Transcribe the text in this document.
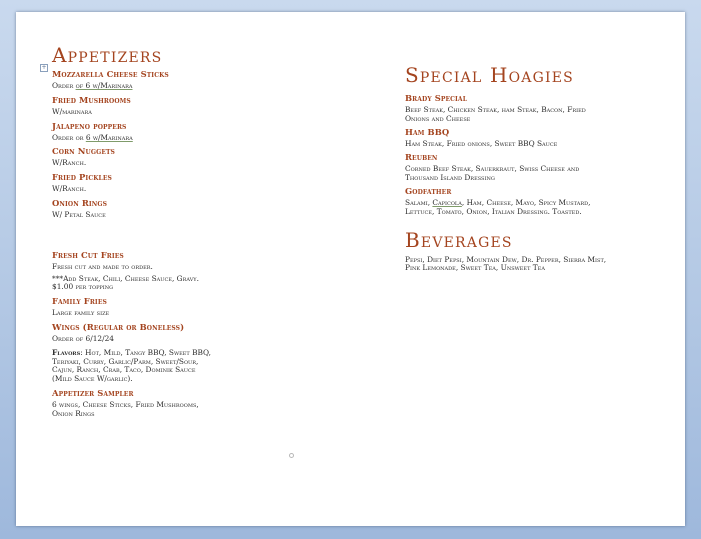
+
Appetizers

Mozzarella Cheese Sticks

Order of 6 w/Marinara

Fried Mushrooms

W/marinara

Jalapeno poppers

Order or 6 w/Marinara

Corn Nuggets

W/Ranch.

Fried Pickles

W/Ranch.

Onion Rings

W/ Petal Sauce

Fresh Cut Fries

Fresh cut and made to order.

***Add Steak, Chili, Cheese Sauce, Gravy. $1.00 per topping

Family Fries

Large family size

Wings (Regular or Boneless)

Order of 6/12/24

Flavors: Hot, Mild, Tangy BBQ, Sweet BBQ, Teriyaki, Curry, Garlic/Parm, Sweet/Sour, Cajun, Ranch, Crab, Taco, Dominik Sauce (Mild Sauce W/garlic).

Appetizer Sampler

6 wings, Cheese Sticks, Fried Mushrooms, Onion Rings

Special Hoagies

Brady Special

Beef Steak, Chicken Steak, ham Steak, Bacon, Fried Onions and Cheese

Ham BBQ

Ham Steak, Fried onions, Sweet BBQ Sauce

Reuben

Corned Beef Steak, Sauerkraut, Swiss Cheese and Thousand Island Dressing

Godfather

Salami, Capicola, Ham, Cheese, Mayo, Spicy Mustard, Lettuce, Tomato, Onion, Italian Dressing. Toasted.

Beverages

Pepsi, Diet Pepsi, Mountain Dew, Dr. Pepper, Sierra Mist, Pink Lemonade, Sweet Tea, Unsweet Tea
